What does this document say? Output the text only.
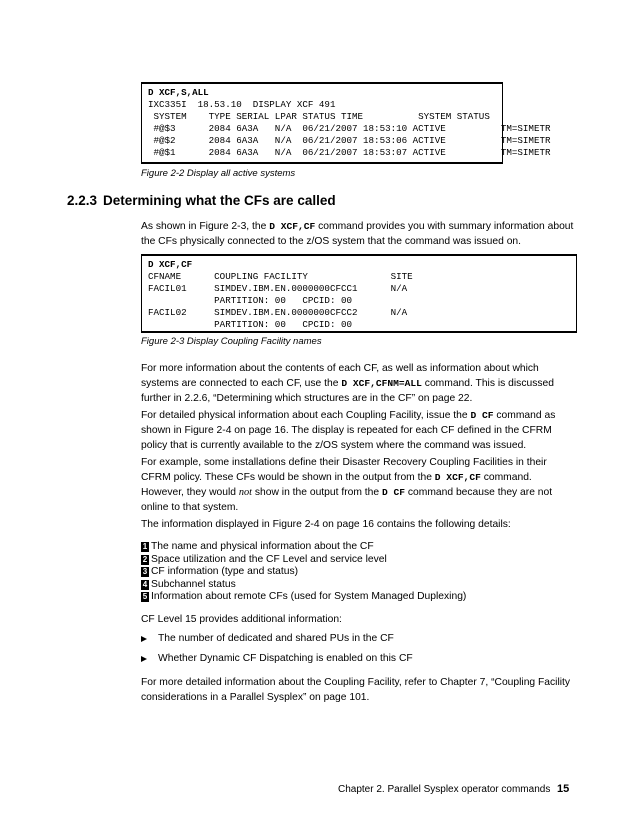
D XCF,S,ALL
IXC335I  18.53.10  DISPLAY XCF 491
SYSTEM    TYPE SERIAL LPAR STATUS TIME          SYSTEM STATUS
#@$3      2084 6A3A   N/A  06/21/2007 18:53:10 ACTIVE          TM=SIMETR
#@$2      2084 6A3A   N/A  06/21/2007 18:53:06 ACTIVE          TM=SIMETR
#@$1      2084 6A3A   N/A  06/21/2007 18:53:07 ACTIVE          TM=SIMETR
Figure 2-2 Display all active systems
2.2.3 Determining what the CFs are called
As shown in Figure 2-3, the D XCF,CF command provides you with summary information about the CFs physically connected to the z/OS system that the command was issued on.
D XCF,CF
CFNAME      COUPLING FACILITY               SITE
FACIL01     SIMDEV.IBM.EN.0000000CFCC1      N/A
PARTITION: 00   CPCID: 00
FACIL02     SIMDEV.IBM.EN.0000000CFCC2      N/A
PARTITION: 00   CPCID: 00
Figure 2-3 Display Coupling Facility names
For more information about the contents of each CF, as well as information about which systems are connected to each CF, use the D XCF,CFNM=ALL command. This is discussed further in 2.2.6, “Determining which structures are in the CF” on page 22.
For detailed physical information about each Coupling Facility, issue the D CF command as shown in Figure 2-4 on page 16. The display is repeated for each CF defined in the CFRM policy that is currently available to the z/OS system where the command was issued.
For example, some installations define their Disaster Recovery Coupling Facilities in their CFRM policy. These CFs would be shown in the output from the D XCF,CF command. However, they would not show in the output from the D CF command because they are not online to that system.
The information displayed in Figure 2-4 on page 16 contains the following details:
1 The name and physical information about the CF
2 Space utilization and the CF Level and service level
3 CF information (type and status)
4 Subchannel status
5 Information about remote CFs (used for System Managed Duplexing)
CF Level 15 provides additional information:
The number of dedicated and shared PUs in the CF
Whether Dynamic CF Dispatching is enabled on this CF
For more detailed information about the Coupling Facility, refer to Chapter 7, “Coupling Facility considerations in a Parallel Sysplex” on page 101.
Chapter 2. Parallel Sysplex operator commands 15
